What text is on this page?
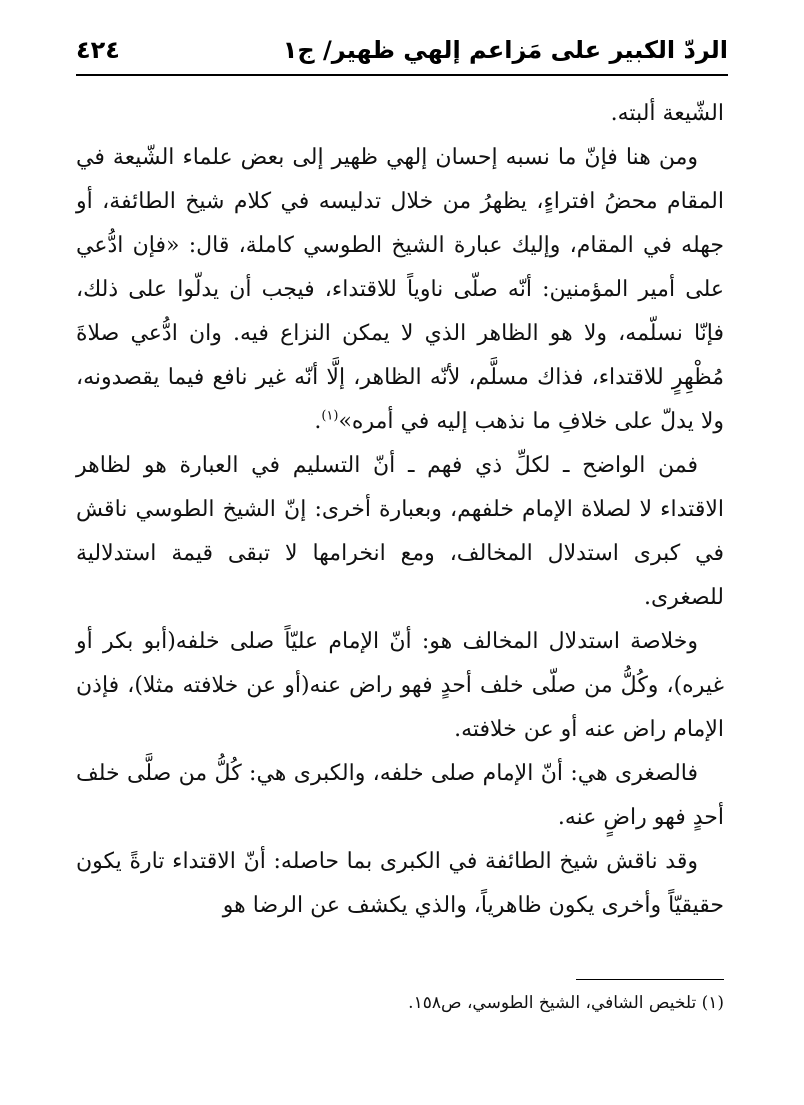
الردّ الكبير على مَزاعم إلهي ظهير/ ج١
٤٢٤

الشّيعة ألبته.

ومن هنا فإنّ ما نسبه إحسان إلهي ظهير إلى بعض علماء الشّيعة في المقام محضُ افتراءٍ، يظهرُ من خلال تدليسه في كلام شيخ الطائفة، أو جهله في المقام، وإليك عبارة الشيخ الطوسي كاملة، قال: «فإن ادُّعي على أمير المؤمنين: أنّه صلّى ناوياً للاقتداء، فيجب أن يدلّوا على ذلك، فإنّا نسلّمه، ولا هو الظاهر الذي لا يمكن النزاع فيه. وان ادُّعي صلاةَ مُظْهِرٍ للاقتداء، فذاك مسلَّم، لأنّه الظاهر، إلَّا أنّه غير نافع فيما يقصدونه، ولا يدلّ على خلافِ ما نذهب إليه في أمره»$^{(١)}$.

فمن الواضح ـ لكلِّ ذي فهم ـ أنّ التسليم في العبارة هو لظاهر الاقتداء لا لصلاة الإمام خلفهم، وبعبارة أخرى: إنّ الشيخ الطوسي ناقش في كبرى استدلال المخالف، ومع انخرامها لا تبقى قيمة استدلالية للصغرى.

وخلاصة استدلال المخالف هو: أنّ الإمام عليّاً صلى خلفه(أبو بكر أو غيره)، وكُلُّ من صلّى خلف أحدٍ فهو راض عنه(أو عن خلافته مثلا)، فإذن الإمام راض عنه أو عن خلافته.

فالصغرى هي: أنّ الإمام صلى خلفه، والكبرى هي: كُلُّ من صلَّى خلف أحدٍ فهو راضٍ عنه.

وقد ناقش شيخ الطائفة في الكبرى بما حاصله: أنّ الاقتداء تارةً يكون حقيقيّاً وأخرى يكون ظاهرياً، والذي يكشف عن الرضا هو

(١) تلخيص الشافي، الشيخ الطوسي، ص١٥٨.
